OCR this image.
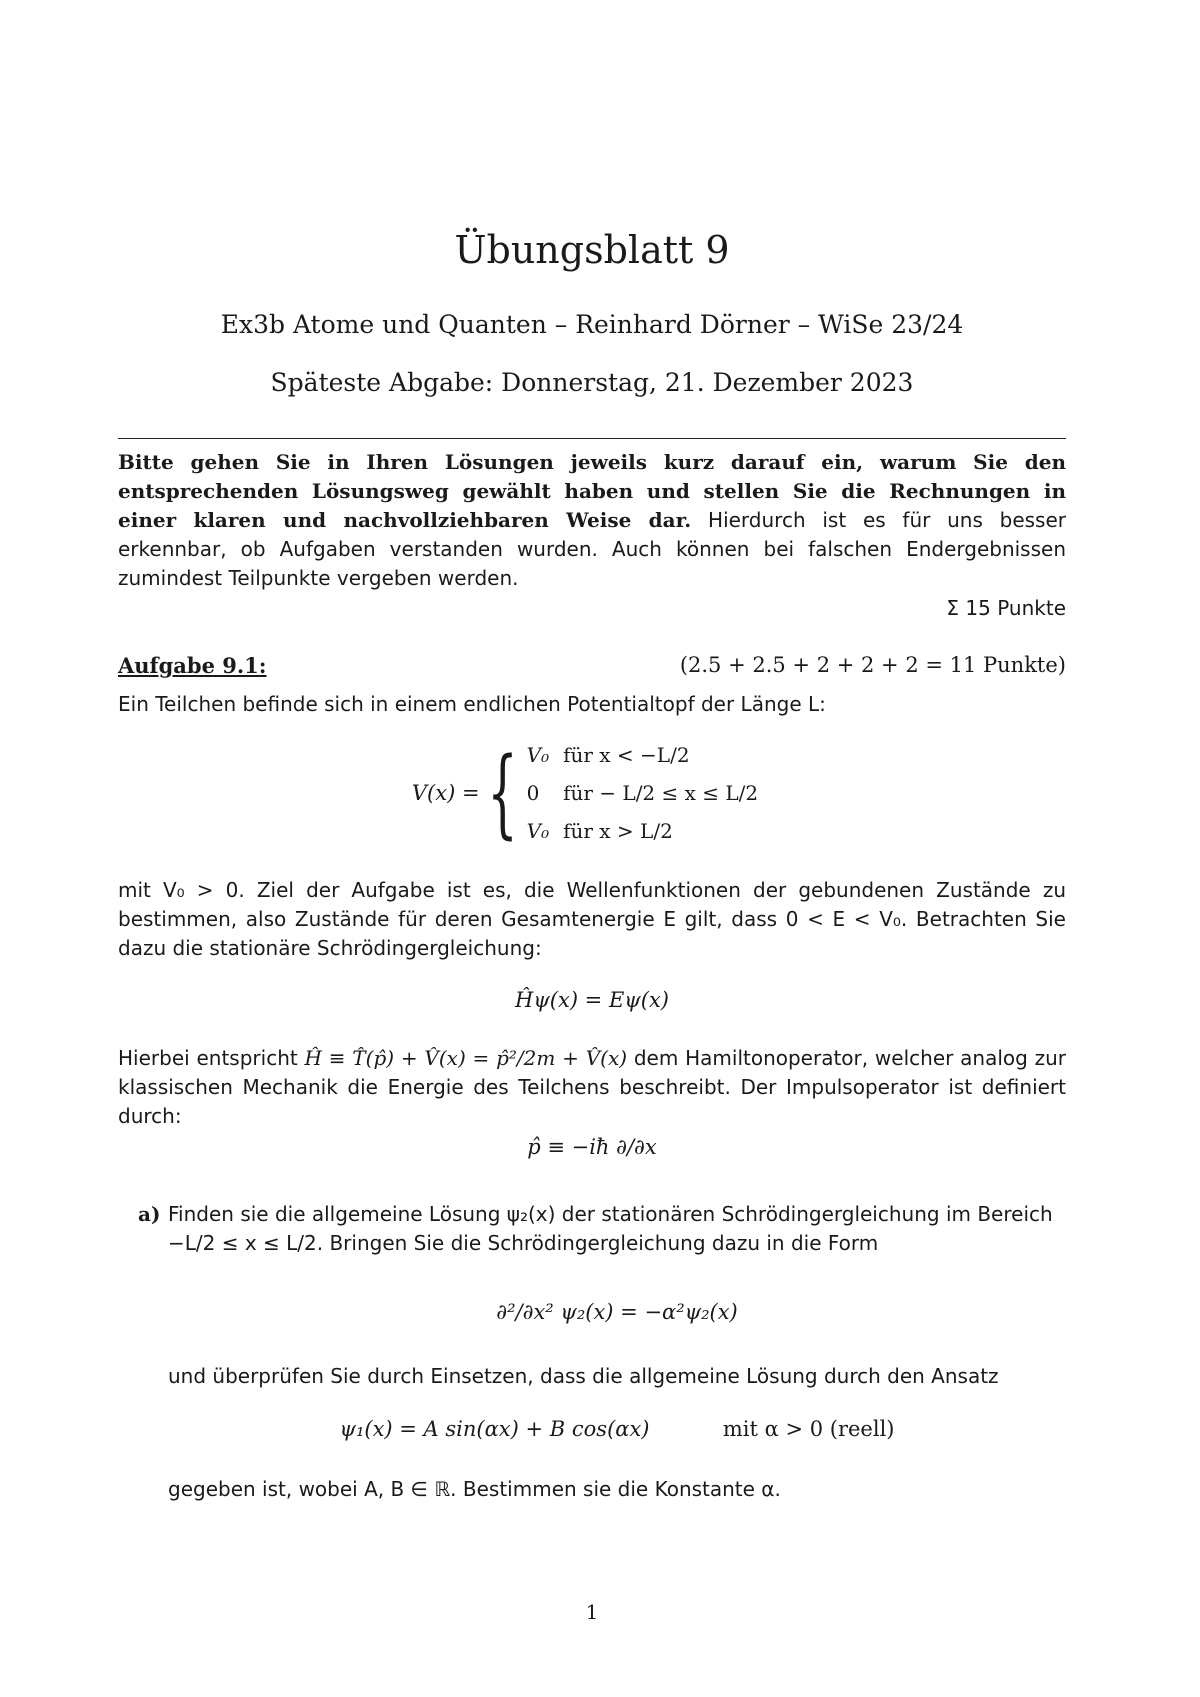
Übungsblatt 9
Ex3b Atome und Quanten – Reinhard Dörner – WiSe 23/24
Späteste Abgabe: Donnerstag, 21. Dezember 2023
Bitte gehen Sie in Ihren Lösungen jeweils kurz darauf ein, warum Sie den entsprechenden Lösungsweg gewählt haben und stellen Sie die Rechnungen in einer klaren und nachvollziehbaren Weise dar. Hierdurch ist es für uns besser erkennbar, ob Aufgaben verstanden wurden. Auch können bei falschen Endergebnissen zumindest Teilpunkte vergeben werden.
Σ 15 Punkte
Aufgabe 9.1:	(2.5 + 2.5 + 2 + 2 + 2 = 11 Punkte)
Ein Teilchen befinde sich in einem endlichen Potentialtopf der Länge L:
V(x) = { V₀	für x < −L/2
0	für − L/2 ≤ x ≤ L/2
V₀	für x > L/2
mit V₀ > 0. Ziel der Aufgabe ist es, die Wellenfunktionen der gebundenen Zustände zu bestimmen, also Zustände für deren Gesamtenergie E gilt, dass 0 < E < V₀. Betrachten Sie dazu die stationäre Schrödingergleichung:
Ĥψ(x) = Eψ(x)
Hierbei entspricht Ĥ ≡ T̂(p̂) + V̂(x) = p̂²/2m + V̂(x) dem Hamiltonoperator, welcher analog zur klassischen Mechanik die Energie des Teilchens beschreibt. Der Impulsoperator ist definiert durch:
p̂ ≡ −iħ ∂/∂x
a) Finden sie die allgemeine Lösung ψ₂(x) der stationären Schrödingergleichung im Bereich −L/2 ≤ x ≤ L/2. Bringen Sie die Schrödingergleichung dazu in die Form
∂²/∂x² ψ₂(x) = −α²ψ₂(x)
und überprüfen Sie durch Einsetzen, dass die allgemeine Lösung durch den Ansatz
ψ₁(x) = A sin(αx) + B cos(αx)	mit α > 0 (reell)
gegeben ist, wobei A, B ∈ ℝ. Bestimmen sie die Konstante α.
1
